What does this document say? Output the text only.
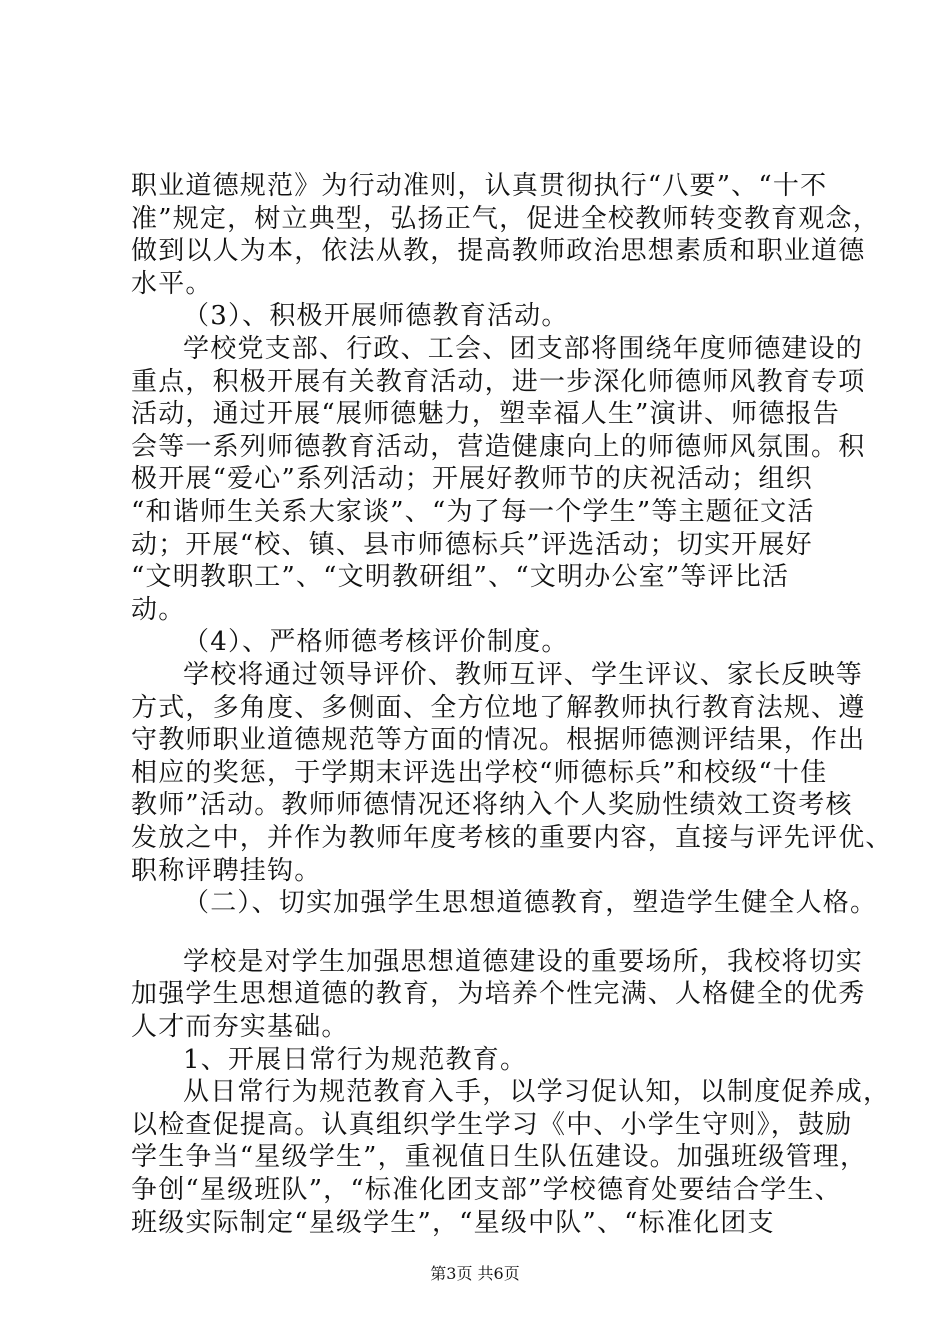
职业道德规范》为行动准则，认真贯彻执行“八要”、“十不
准”规定，树立典型，弘扬正气，促进全校教师转变教育观念，
做到以人为本，依法从教，提高教师政治思想素质和职业道德
水平。
（3）、积极开展师德教育活动。
学校党支部、行政、工会、团支部将围绕年度师德建设的
重点，积极开展有关教育活动，进一步深化师德师风教育专项
活动，通过开展“展师德魅力，塑幸福人生”演讲、师德报告
会等一系列师德教育活动，营造健康向上的师德师风氛围。积
极开展“爱心”系列活动；开展好教师节的庆祝活动；组织
“和谐师生关系大家谈”、“为了每一个学生”等主题征文活
动；开展“校、镇、县市师德标兵”评选活动；切实开展好
“文明教职工”、“文明教研组”、“文明办公室”等评比活
动。
（4）、严格师德考核评价制度。
学校将通过领导评价、教师互评、学生评议、家长反映等
方式，多角度、多侧面、全方位地了解教师执行教育法规、遵
守教师职业道德规范等方面的情况。根据师德测评结果，作出
相应的奖惩，于学期末评选出学校“师德标兵”和校级“十佳
教师”活动。教师师德情况还将纳入个人奖励性绩效工资考核
发放之中，并作为教师年度考核的重要内容，直接与评先评优、
职称评聘挂钩。
（二）、切实加强学生思想道德教育，塑造学生健全人格。
学校是对学生加强思想道德建设的重要场所，我校将切实
加强学生思想道德的教育，为培养个性完满、人格健全的优秀
人才而夯实基础。
1、开展日常行为规范教育。
从日常行为规范教育入手，以学习促认知，以制度促养成，
以检查促提高。认真组织学生学习《中、小学生守则》，鼓励
学生争当“星级学生”，重视值日生队伍建设。加强班级管理，
争创“星级班队”，“标准化团支部”学校德育处要结合学生、
班级实际制定“星级学生”，“星级中队”、“标准化团支
第3页 共6页
